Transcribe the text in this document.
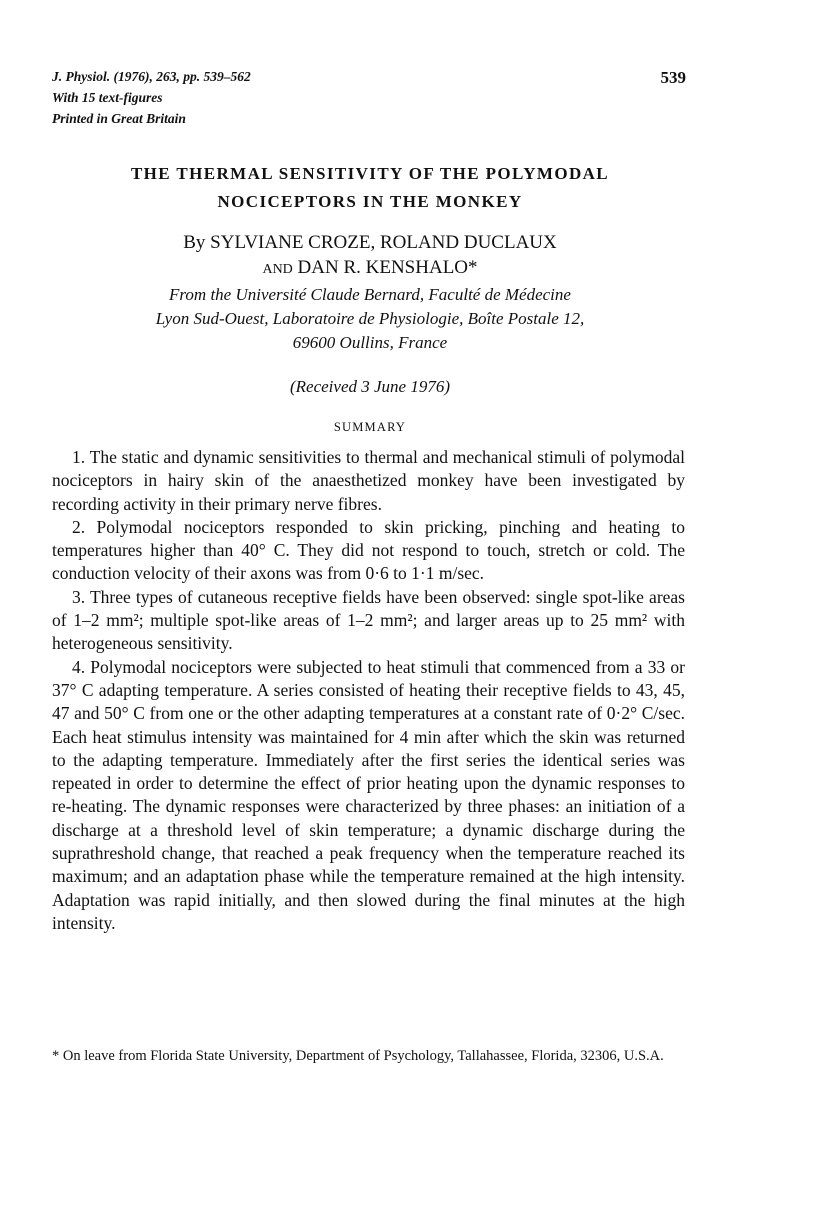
J. Physiol. (1976), 263, pp. 539–562
With 15 text-figures
Printed in Great Britain
539
THE THERMAL SENSITIVITY OF THE POLYMODAL
NOCICEPTORS IN THE MONKEY
By SYLVIANE CROZE, ROLAND DUCLAUX
AND DAN R. KENSHALO*
From the Université Claude Bernard, Faculté de Médecine
Lyon Sud-Ouest, Laboratoire de Physiologie, Boîte Postale 12,
69600 Oullins, France
(Received 3 June 1976)
SUMMARY

1. The static and dynamic sensitivities to thermal and mechanical stimuli of polymodal nociceptors in hairy skin of the anaesthetized monkey have been investigated by recording activity in their primary nerve fibres.

2. Polymodal nociceptors responded to skin pricking, pinching and heating to temperatures higher than 40° C. They did not respond to touch, stretch or cold. The conduction velocity of their axons was from 0·6 to 1·1 m/sec.

3. Three types of cutaneous receptive fields have been observed: single spot-like areas of 1–2 mm²; multiple spot-like areas of 1–2 mm²; and larger areas up to 25 mm² with heterogeneous sensitivity.

4. Polymodal nociceptors were subjected to heat stimuli that commenced from a 33 or 37° C adapting temperature. A series consisted of heating their receptive fields to 43, 45, 47 and 50° C from one or the other adapting temperatures at a constant rate of 0·2° C/sec. Each heat stimulus intensity was maintained for 4 min after which the skin was returned to the adapting temperature. Immediately after the first series the identical series was repeated in order to determine the effect of prior heating upon the dynamic responses to re-heating. The dynamic responses were characterized by three phases: an initiation of a discharge at a threshold level of skin temperature; a dynamic discharge during the suprathreshold change, that reached a peak frequency when the temperature reached its maximum; and an adaptation phase while the temperature remained at the high intensity. Adaptation was rapid initially, and then slowed during the final minutes at the high intensity.

* On leave from Florida State University, Department of Psychology, Tallahassee, Florida, 32306, U.S.A.
